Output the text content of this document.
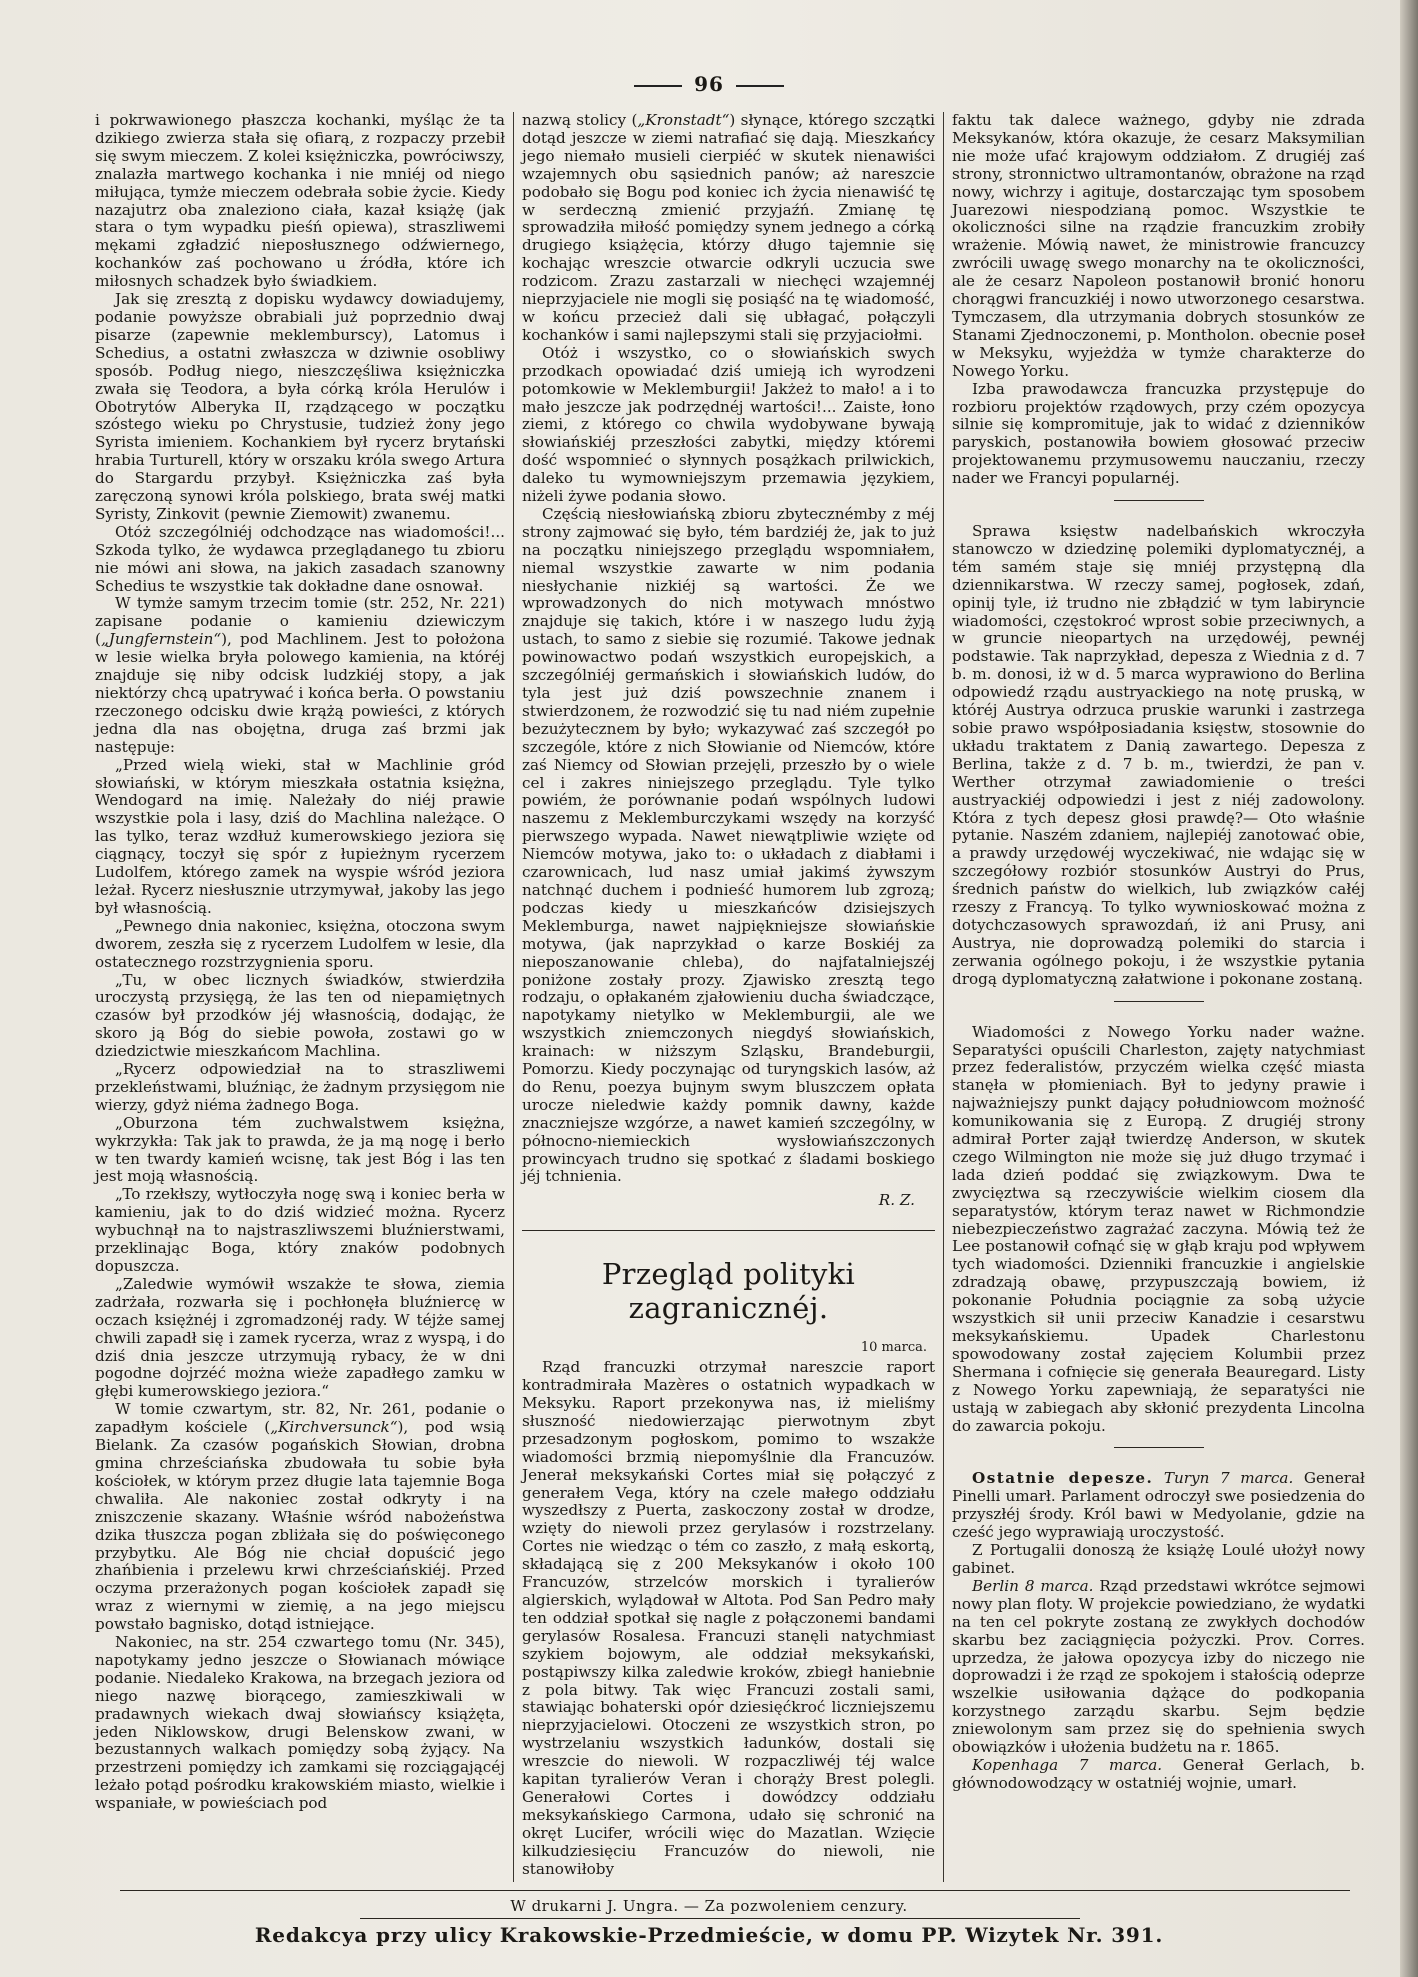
96

i pokrwawionego płaszcza kochanki, myśląc że ta dzikiego zwierza stała się ofiarą, z rozpaczy przebił się swym mieczem. Z kolei księżniczka, powróciwszy, znalazła martwego kochanka i nie mniéj od niego miłująca, tymże mieczem odebrała sobie życie. Kiedy nazajutrz oba znaleziono ciała, kazał książę (jak stara o tym wypadku pieśń opiewa), straszliwemi mękami zgładzić nieposłusznego odźwiernego, kochanków zaś pochowano u źródła, które ich miłosnych schadzek było świadkiem.

Jak się zresztą z dopisku wydawcy dowiadujemy, podanie powyższe obrabiali już poprzednio dwaj pisarze (zapewnie meklemburscy), Latomus i Schedius, a ostatni zwłaszcza w dziwnie osobliwy sposób. Podług niego, nieszczęśliwa księżniczka zwała się Teodora, a była córką króla Herulów i Obotrytów Alberyka II, rządzącego w początku szóstego wieku po Chrystusie, tudzież żony jego Syrista imieniem. Kochankiem był rycerz brytański hrabia Turturell, który w orszaku króla swego Artura do Stargardu przybył. Księżniczka zaś była zaręczoną synowi króla polskiego, brata swéj matki Syristy, Zinkovit (pewnie Ziemowit) zwanemu.

Otóż szczególniéj odchodzące nas wiadomości!... Szkoda tylko, że wydawca przeglądanego tu zbioru nie mówi ani słowa, na jakich zasadach szanowny Schedius te wszystkie tak dokładne dane osnował.

W tymże samym trzecim tomie (str. 252, Nr. 221) zapisane podanie o kamieniu dziewiczym („Jungfernstein“), pod Machlinem. Jest to położona w lesie wielka bryła polowego kamienia, na któréj znajduje się niby odcisk ludzkiéj stopy, a jak niektórzy chcą upatrywać i końca berła. O powstaniu rzeczonego odcisku dwie krążą powieści, z których jedna dla nas obojętna, druga zaś brzmi jak następuje:

„Przed wielą wieki, stał w Machlinie gród słowiański, w którym mieszkała ostatnia księżna, Wendogard na imię. Należały do niéj prawie wszystkie pola i lasy, dziś do Machlina należące. O las tylko, teraz wzdłuż kumerowskiego jeziora się ciągnący, toczył się spór z łupieżnym rycerzem Ludolfem, którego zamek na wyspie wśród jeziora leżał. Rycerz niesłusznie utrzymywał, jakoby las jego był własnością.

„Pewnego dnia nakoniec, księżna, otoczona swym dworem, zeszła się z rycerzem Ludolfem w lesie, dla ostatecznego rozstrzygnienia sporu.

„Tu, w obec licznych świadków, stwierdziła uroczystą przysięgą, że las ten od niepamiętnych czasów był przodków jéj własnością, dodając, że skoro ją Bóg do siebie powoła, zostawi go w dziedzictwie mieszkańcom Machlina.

„Rycerz odpowiedział na to straszliwemi przekleństwami, bluźniąc, że żadnym przysięgom nie wierzy, gdyż niéma żadnego Boga.

„Oburzona tém zuchwalstwem księżna, wykrzykła: Tak jak to prawda, że ja mą nogę i berło w ten twardy kamień wcisnę, tak jest Bóg i las ten jest moją własnością.

„To rzekłszy, wytłoczyła nogę swą i koniec berła w kamieniu, jak to do dziś widzieć można. Rycerz wybuchnął na to najstraszliwszemi bluźnierstwami, przeklinając Boga, który znaków podobnych dopuszcza.

„Zaledwie wymówił wszakże te słowa, ziemia zadrżała, rozwarła się i pochłonęła bluźniercę w oczach księżnéj i zgromadzonéj rady. W téjże samej chwili zapadł się i zamek rycerza, wraz z wyspą, i do dziś dnia jeszcze utrzymują rybacy, że w dni pogodne dojrzéć można wieże zapadłego zamku w głębi kumerowskiego jeziora.“

W tomie czwartym, str. 82, Nr. 261, podanie o zapadłym kościele („Kirchversunck“), pod wsią Bielank. Za czasów pogańskich Słowian, drobna gmina chrześciańska zbudowała tu sobie była kościołek, w którym przez długie lata tajemnie Boga chwaliła. Ale nakoniec został odkryty i na zniszczenie skazany. Właśnie wśród nabożeństwa dzika tłuszcza pogan zbliżała się do poświęconego przybytku. Ale Bóg nie chciał dopuścić jego zhańbienia i przelewu krwi chrześciańskiéj. Przed oczyma przerażonych pogan kościołek zapadł się wraz z wiernymi w ziemię, a na jego miejscu powstało bagnisko, dotąd istniejące.

Nakoniec, na str. 254 czwartego tomu (Nr. 345), napotykamy jedno jeszcze o Słowianach mówiące podanie. Niedaleko Krakowa, na brzegach jeziora od niego nazwę biorącego, zamieszkiwali w pradawnych wiekach dwaj słowiańscy książęta, jeden Niklowskow, drugi Belenskow zwani, w bezustannych walkach pomiędzy sobą żyjący. Na przestrzeni pomiędzy ich zamkami się rozciągającéj leżało potąd pośrodku krakowskiém miasto, wielkie i wspaniałe, w powieściach pod

nazwą stolicy („Kronstadt“) słynące, którego szczątki dotąd jeszcze w ziemi natrafiać się dają. Mieszkańcy jego niemało musieli cierpiéć w skutek nienawiści wzajemnych obu sąsiednich panów; aż nareszcie podobało się Bogu pod koniec ich życia nienawiść tę w serdeczną zmienić przyjaźń. Zmianę tę sprowadziła miłość pomiędzy synem jednego a córką drugiego książęcia, którzy długo tajemnie się kochając wreszcie otwarcie odkryli uczucia swe rodzicom. Zrazu zastarzali w niechęci wzajemnéj nieprzyjaciele nie mogli się posiąść na tę wiadomość, w końcu przecież dali się ubłagać, połączyli kochanków i sami najlepszymi stali się przyjaciołmi.

Otóż i wszystko, co o słowiańskich swych przodkach opowiadać dziś umieją ich wyrodzeni potomkowie w Meklemburgii! Jakżeż to mało! a i to mało jeszcze jak podrzędnéj wartości!... Zaiste, łono ziemi, z którego co chwila wydobywane bywają słowiańskiéj przeszłości zabytki, między któremi dość wspomnieć o słynnych posążkach prilwickich, daleko tu wymowniejszym przemawia językiem, niżeli żywe podania słowo.

Częścią niesłowiańską zbioru zbytecznémby z méj strony zajmować się było, tém bardziéj że, jak to już na początku niniejszego przeglądu wspomniałem, niemal wszystkie zawarte w nim podania niesłychanie nizkiéj są wartości. Że we wprowadzonych do nich motywach mnóstwo znajduje się takich, które i w naszego ludu żyją ustach, to samo z siebie się rozumié. Takowe jednak powinowactwo podań wszystkich europejskich, a szczególniéj germańskich i słowiańskich ludów, do tyla jest już dziś powszechnie znanem i stwierdzonem, że rozwodzić się tu nad niém zupełnie bezużytecznem by było; wykazywać zaś szczegół po szczególe, które z nich Słowianie od Niemców, które zaś Niemcy od Słowian przejęli, przeszło by o wiele cel i zakres niniejszego przeglądu. Tyle tylko powiém, że porównanie podań wspólnych ludowi naszemu z Meklemburczykami wszędy na korzyść pierwszego wypada. Nawet niewątpliwie wzięte od Niemców motywa, jako to: o układach z diabłami i czarownicach, lud nasz umiał jakimś żywszym natchnąć duchem i podnieść humorem lub zgrozą; podczas kiedy u mieszkańców dzisiejszych Meklemburga, nawet najpiękniejsze słowiańskie motywa, (jak naprzykład o karze Boskiéj za nieposzanowanie chleba), do najfatalniejszéj poniżone zostały prozy. Zjawisko zresztą tego rodzaju, o opłakaném zjałowieniu ducha świadczące, napotykamy nietylko w Meklemburgii, ale we wszystkich zniemczonych niegdyś słowiańskich, krainach: w niższym Szląsku, Brandeburgii, Pomorzu. Kiedy poczynając od turyngskich lasów, aż do Renu, poezya bujnym swym bluszczem opłata urocze nieledwie każdy pomnik dawny, każde znaczniejsze wzgórze, a nawet kamień szczególny, w północno-niemieckich wysłowiańszczonych prowincyach trudno się spotkać z śladami boskiego jéj tchnienia.

R. Z.
Przegląd polityki zagranicznéj.
10 marca.

Rząd francuzki otrzymał nareszcie raport kontradmirała Mazères o ostatnich wypadkach w Meksyku. Raport przekonywa nas, iż mieliśmy słuszność niedowierzając pierwotnym zbyt przesadzonym pogłoskom, pomimo to wszakże wiadomości brzmią niepomyślnie dla Francuzów. Jenerał meksykański Cortes miał się połączyć z generałem Vega, który na czele małego oddziału wyszedłszy z Puerta, zaskoczony został w drodze, wzięty do niewoli przez gerylasów i rozstrzelany. Cortes nie wiedząc o tém co zaszło, z małą eskortą, składającą się z 200 Meksykanów i około 100 Francuzów, strzelców morskich i tyralierów algierskich, wylądował w Altota. Pod San Pedro mały ten oddział spotkał się nagle z połączonemi bandami gerylasów Rosalesa. Francuzi stanęli natychmiast szykiem bojowym, ale oddział meksykański, postąpiwszy kilka zaledwie kroków, zbiegł haniebnie z pola bitwy. Tak więc Francuzi zostali sami, stawiając bohaterski opór dziesięćkroć liczniejszemu nieprzyjacielowi. Otoczeni ze wszystkich stron, po wystrzelaniu wszystkich ładunków, dostali się wreszcie do niewoli. W rozpaczliwéj téj walce kapitan tyralierów Veran i chorąży Brest polegli. Generałowi Cortes i dowódzcy oddziału meksykańskiego Carmona, udało się schronić na okręt Lucifer, wrócili więc do Mazatlan. Wzięcie kilkudziesięciu Francuzów do niewoli, nie stanowiłoby

faktu tak dalece ważnego, gdyby nie zdrada Meksykanów, która okazuje, że cesarz Maksymilian nie może ufać krajowym oddziałom. Z drugiéj zaś strony, stronnictwo ultramontanów, obrażone na rząd nowy, wichrzy i agituje, dostarczając tym sposobem Juarezowi niespodzianą pomoc. Wszystkie te okoliczności silne na rządzie francuzkim zrobiły wrażenie. Mówią nawet, że ministrowie francuzcy zwrócili uwagę swego monarchy na te okoliczności, ale że cesarz Napoleon postanowił bronić honoru chorągwi francuzkiéj i nowo utworzonego cesarstwa. Tymczasem, dla utrzymania dobrych stosunków ze Stanami Zjednoczonemi, p. Montholon. obecnie poseł w Meksyku, wyjeżdża w tymże charakterze do Nowego Yorku.

Izba prawodawcza francuzka przystępuje do rozbioru projektów rządowych, przy czém opozycya silnie się kompromituje, jak to widać z dzienników paryskich, postanowiła bowiem głosować przeciw projektowanemu przymusowemu nauczaniu, rzeczy nader we Francyi popularnéj.

Sprawa księstw nadelbańskich wkroczyła stanowczo w dziedzinę polemiki dyplomatycznéj, a tém samém staje się mniéj przystępną dla dziennikarstwa. W rzeczy samej, pogłosek, zdań, opinij tyle, iż trudno nie zbłądzić w tym labiryncie wiadomości, częstokroć wprost sobie przeciwnych, a w gruncie nieopartych na urzędowéj, pewnéj podstawie. Tak naprzykład, depesza z Wiednia z d. 7 b. m. donosi, iż w d. 5 marca wyprawiono do Berlina odpowiedź rządu austryackiego na notę pruską, w któréj Austrya odrzuca pruskie warunki i zastrzega sobie prawo współposiadania księstw, stosownie do układu traktatem z Danią zawartego. Depesza z Berlina, także z d. 7 b. m., twierdzi, że pan v. Werther otrzymał zawiadomienie o treści austryackiéj odpowiedzi i jest z niéj zadowolony. Która z tych depesz głosi prawdę?— Oto właśnie pytanie. Naszém zdaniem, najlepiéj zanotować obie, a prawdy urzędowéj wyczekiwać, nie wdając się w szczegółowy rozbiór stosunków Austryi do Prus, średnich państw do wielkich, lub związków całéj rzeszy z Francyą. To tylko wywnioskować można z dotychczasowych sprawozdań, iż ani Prusy, ani Austrya, nie doprowadzą polemiki do starcia i zerwania ogólnego pokoju, i że wszystkie pytania drogą dyplomatyczną załatwione i pokonane zostaną.

Wiadomości z Nowego Yorku nader ważne. Separatyści opuścili Charleston, zajęty natychmiast przez federalistów, przyczém wielka część miasta stanęła w płomieniach. Był to jedyny prawie i najważniejszy punkt dający południowcom możność komunikowania się z Europą. Z drugiéj strony admirał Porter zajął twierdzę Anderson, w skutek czego Wilmington nie może się już długo trzymać i lada dzień poddać się związkowym. Dwa te zwycięztwa są rzeczywiście wielkim ciosem dla separatystów, którym teraz nawet w Richmondzie niebezpieczeństwo zagrażać zaczyna. Mówią też że Lee postanowił cofnąć się w głąb kraju pod wpływem tych wiadomości. Dzienniki francuzkie i angielskie zdradzają obawę, przypuszczają bowiem, iż pokonanie Południa pociągnie za sobą użycie wszystkich sił unii przeciw Kanadzie i cesarstwu meksykańskiemu. Upadek Charlestonu spowodowany został zajęciem Kolumbii przez Shermana i cofnięcie się generała Beauregard. Listy z Nowego Yorku zapewniają, że separatyści nie ustają w zabiegach aby skłonić prezydenta Lincolna do zawarcia pokoju.

Ostatnie depesze. Turyn 7 marca. Generał Pinelli umarł. Parlament odroczył swe posiedzenia do przyszłéj środy. Król bawi w Medyolanie, gdzie na cześć jego wyprawiają uroczystość.

Z Portugalii donoszą że książę Loulé ułożył nowy gabinet.

Berlin 8 marca. Rząd przedstawi wkrótce sejmowi nowy plan floty. W projekcie powiedziano, że wydatki na ten cel pokryte zostaną ze zwykłych dochodów skarbu bez zaciągnięcia pożyczki. Prov. Corres. uprzedza, że jałowa opozycya izby do niczego nie doprowadzi i że rząd ze spokojem i stałością odeprze wszelkie usiłowania dążące do podkopania korzystnego zarządu skarbu. Sejm będzie zniewolonym sam przez się do spełnienia swych obowiązków i ułożenia budżetu na r. 1865.

Kopenhaga 7 marca. Generał Gerlach, b. głównodowodzący w ostatniéj wojnie, umarł.

W drukarni J. Ungra. — Za pozwoleniem cenzury.
Redakcya przy ulicy Krakowskie-Przedmieście, w domu PP. Wizytek Nr. 391.
